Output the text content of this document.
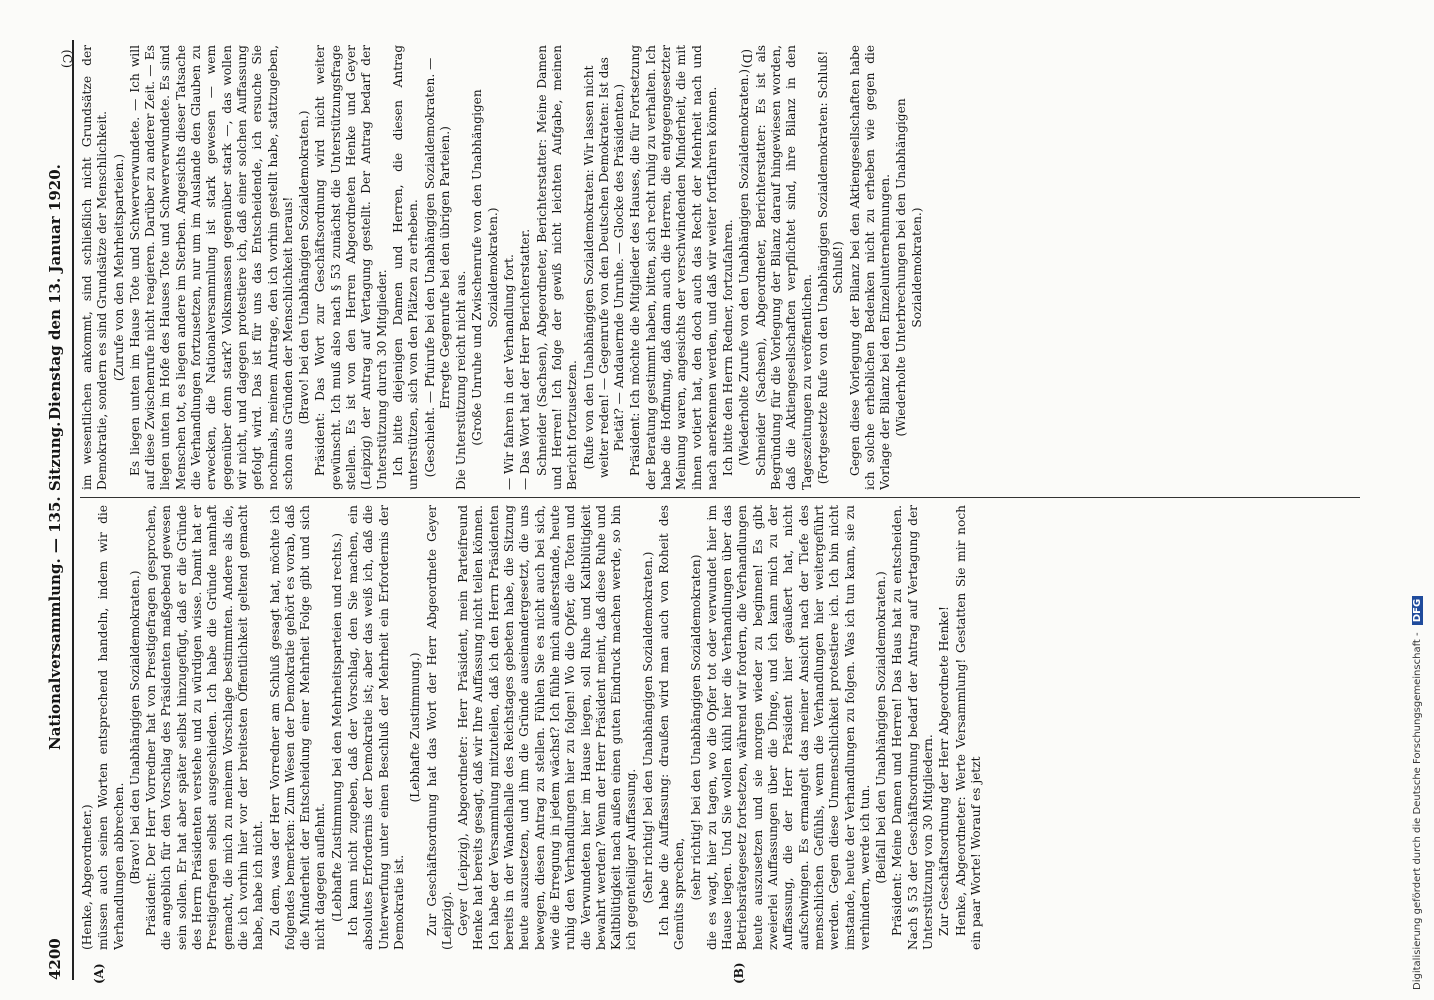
4200
Nationalversammlung. — 135. Sitzung.
Dienstag den 13. Januar 1920.
(A)	(B)
(C)	(D)

(Henke, Abgeordneter.) müssen auch seinen Worten entsprechend handeln, indem wir die Verhandlungen abbrechen. (Bravo! bei den Unabhängigen Sozialdemokraten.) Präsident: Der Herr Vorredner hat von Prestigefragen gesprochen, die angeblich für den Vorschlag des Präsidenten maßgebend gewesen sein sollen. Er hat aber später selbst hinzugefügt, daß er die Gründe des Herrn Präsidenten verstehe und zu würdigen wisse. Damit hat er Prestigefragen selbst ausgeschieden. Ich habe die Gründe namhaft gemacht, die mich zu meinem Vorschlage bestimmten. Andere als die, die ich vorhin hier vor der breitesten Öffentlichkeit geltend gemacht habe, habe ich nicht. Zu dem, was der Herr Vorredner am Schluß gesagt hat, möchte ich folgendes bemerken: Zum Wesen der Demokratie gehört es vorab, daß die Minderheit der Entscheidung einer Mehrheit Folge gibt und sich nicht dagegen auflehnt. (Lebhafte Zustimmung bei den Mehrheitsparteien und rechts.) Ich kann nicht zugeben, daß der Vorschlag, den Sie machen, ein absolutes Erfordernis der Demokratie ist; aber das weiß ich, daß die Unterwerfung unter einen Beschluß der Mehrheit ein Erfordernis der Demokratie ist.

(Lebhafte Zustimmung.) Zur Geschäftsordnung hat das Wort der Herr Abgeordnete Geyer (Leipzig). Geyer (Leipzig), Abgeordneter: Herr Präsident, mein Parteifreund Henke hat bereits gesagt, daß wir Ihre Auffassung nicht teilen können. Ich habe der Versammlung mitzuteilen, daß ich den Herrn Präsidenten bereits in der Wandelhalle des Reichstages gebeten habe, die Sitzung heute auszusetzen, und ihm die Gründe auseinandergesetzt, die uns bewegen, diesen Antrag zu stellen. Fühlen Sie es nicht auch bei sich, wie die Erregung in jedem wächst? Ich fühle mich außerstande, heute ruhig den Verhandlungen hier zu folgen! Wo die Opfer, die Toten und die Verwundeten hier im Hause liegen, soll Ruhe und Kaltblütigkeit bewahrt werden? Wenn der Herr Präsident meint, daß diese Ruhe und Kaltblütigkeit nach außen einen guten Eindruck machen werde, so bin ich gegenteiliger Auffassung. (Sehr richtig! bei den Unabhängigen Sozialdemokraten.) Ich habe die Auffassung: draußen wird man auch von Roheit des Gemüts sprechen, (sehr richtig! bei den Unabhängigen Sozialdemokraten) die es wagt, hier zu tagen, wo die Opfer tot oder verwundet hier im Hause liegen. Und Sie wollen kühl hier die Verhandlungen über das Betriebsrätegesetz fortsetzen, während wir fordern, die Verhandlungen heute auszusetzen und sie morgen wieder zu beginnen! Es gibt zweierlei Auffassungen über die Dinge, und ich kann mich zu der Auffassung, die der Herr Präsident hier geäußert hat, nicht aufschwingen. Es ermangelt das meiner Ansicht nach der Tiefe des menschlichen Gefühls, wenn die Verhandlungen hier weitergeführt werden. Gegen diese Unmenschlichkeit protestiere ich. Ich bin nicht imstande, heute der Verhandlungen zu folgen. Was ich tun kann, sie zu verhindern, werde ich tun. (Beifall bei den Unabhängigen Sozialdemokraten.) Präsident: Meine Damen und Herren! Das Haus hat zu entscheiden. Nach § 53 der Geschäftsordnung bedarf der Antrag auf Vertagung der Unterstützung von 30 Mitgliedern. Zur Geschäftsordnung der Herr Abgeordnete Henke! Henke, Abgeordneter: Werte Versammlung! Gestatten Sie mir noch ein paar Worte! Worauf es jetzt

im wesentlichen ankommt, sind schließlich nicht Grundsätze der Demokratie, sondern es sind Grundsätze der Menschlichkeit. (Zurufe von den Mehrheitsparteien.) Es liegen unten im Hause Tote und Schwerverwundete. — Ich will auf diese Zwischenrufe nicht reagieren. Darüber zu anderer Zeit. — Es liegen unten im Hofe des Hauses Tote und Schwerverwundete. Es sind Menschen tot, es liegen andere im Sterben. Angesichts dieser Tatsache die Verhandlungen fortzusetzen, nur um im Auslande den Glauben zu erwecken, die Nationalversammlung ist stark gewesen — wem gegenüber denn stark? Volksmassen gegenüber stark —, das wollen wir nicht, und dagegen protestiere ich, daß einer solchen Auffassung gefolgt wird. Das ist für uns das Entscheidende, ich ersuche Sie nochmals, meinem Antrage, den ich vorhin gestellt habe, stattzugeben, schon aus Gründen der Menschlichkeit heraus! (Bravo! bei den Unabhängigen Sozialdemokraten.) Präsident: Das Wort zur Geschäftsordnung wird nicht weiter gewünscht. Ich muß also nach § 53 zunächst die Unterstützungsfrage stellen. Es ist von den Herren Abgeordneten Henke und Geyer (Leipzig) der Antrag auf Vertagung gestellt. Der Antrag bedarf der Unterstützung durch 30 Mitglieder. Ich bitte diejenigen Damen und Herren, die diesen Antrag unterstützen, sich von den Plätzen zu erheben. (Geschieht. — Pfuirufe bei den Unabhängigen Sozialdemokraten. — Erregte Gegenrufe bei den übrigen Parteien.) Die Unterstützung reicht nicht aus. (Große Unruhe und Zwischenrufe von den Unabhängigen Sozialdemokraten.) — Wir fahren in der Verhandlung fort. — Das Wort hat der Herr Berichterstatter. Schneider (Sachsen), Abgeordneter, Berichterstatter: Meine Damen und Herren! Ich folge der gewiß nicht leichten Aufgabe, meinen Bericht fortzusetzen. (Rufe von den Unabhängigen Sozialdemokraten: Wir lassen nicht weiter reden! — Gegenrufe von den Deutschen Demokraten: Ist das Pietät? — Andauernde Unruhe. — Glocke des Präsidenten.) Präsident: Ich möchte die Mitglieder des Hauses, die für Fortsetzung der Beratung gestimmt haben, bitten, sich recht ruhig zu verhalten. Ich habe die Hoffnung, daß dann auch die Herren, die entgegengesetzter Meinung waren, angesichts der verschwindenden Minderheit, die mit ihnen votiert hat, den doch auch das Recht der Mehrheit nach und nach anerkennen werden, und daß wir weiter fortfahren können. Ich bitte den Herrn Redner, fortzufahren. (Wiederholte Zurufe von den Unabhängigen Sozialdemokraten.) Schneider (Sachsen), Abgeordneter, Berichterstatter: Es ist als Begründung für die Vorlegung der Bilanz darauf hingewiesen worden, daß die Aktiengesellschaften verpflichtet sind, ihre Bilanz in den Tageszeitungen zu veröffentlichen. (Fortgesetzte Rufe von den Unabhängigen Sozialdemokraten: Schluß! Schluß!) Gegen diese Vorlegung der Bilanz bei den Aktiengesellschaften habe ich solche erheblichen Bedenken nicht zu erheben wie gegen die Vorlage der Bilanz bei den Einzelunternehmungen. (Wiederholte Unterbrechungen bei den Unabhängigen Sozialdemokraten.)

Digitalisierung gefördert durch die Deutsche Forschungsgemeinschaft - DFG
